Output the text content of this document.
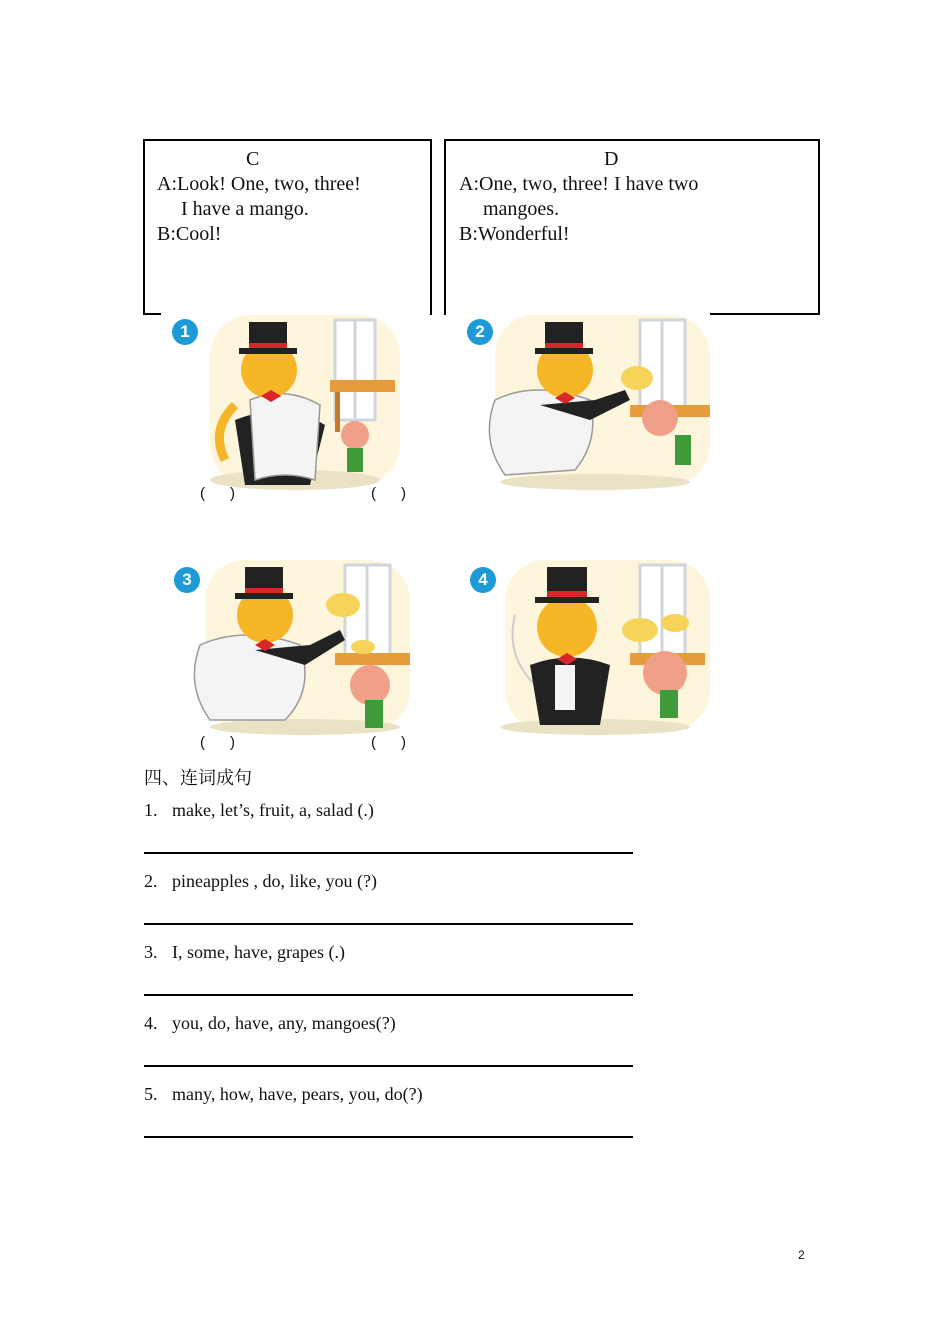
C
A:Look! One, two, three!
I have a mango.
B:Cool!
D
A:One, two, three! I have two
mangoes.
B:Wonderful!
1	2
(      )	(      )
3	4
(      )	(      )
四、连词成句
1. make, let’s, fruit, a, salad (.)
2. pineapples , do, like, you (?)
3. I, some, have, grapes (.)
4. you, do, have, any, mangoes(?)
5. many, how, have, pears, you, do(?)
2
